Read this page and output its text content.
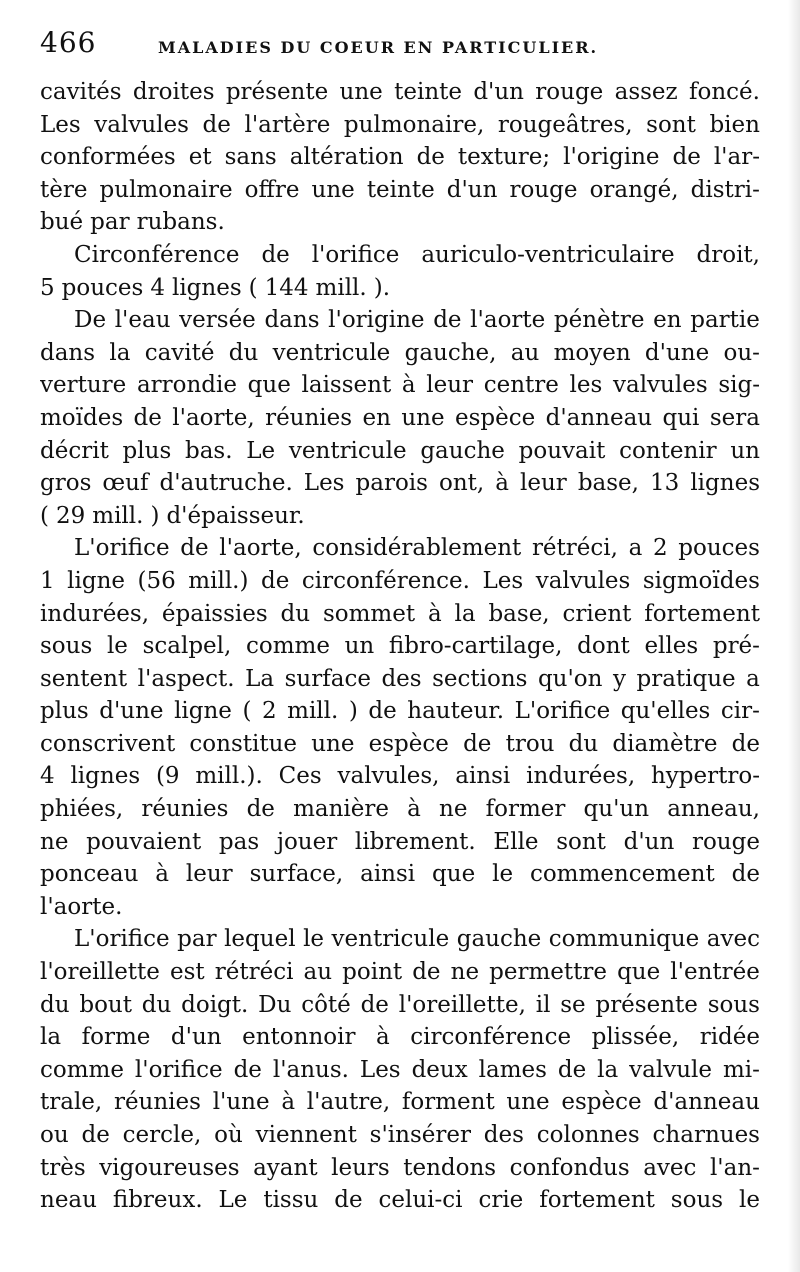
466	MALADIES DU COEUR EN PARTICULIER.
cavités droites présente une teinte d'un rouge assez foncé.
Les valvules de l'artère pulmonaire, rougeâtres, sont bien
conformées et sans altération de texture; l'origine de l'ar-
tère pulmonaire offre une teinte d'un rouge orangé, distri-
bué par rubans.
Circonférence de l'orifice auriculo-ventriculaire droit,
5 pouces 4 lignes ( 144 mill. ).
De l'eau versée dans l'origine de l'aorte pénètre en partie
dans la cavité du ventricule gauche, au moyen d'une ou-
verture arrondie que laissent à leur centre les valvules sig-
moïdes de l'aorte, réunies en une espèce d'anneau qui sera
décrit plus bas. Le ventricule gauche pouvait contenir un
gros œuf d'autruche. Les parois ont, à leur base, 13 lignes
( 29 mill. ) d'épaisseur.
L'orifice de l'aorte, considérablement rétréci, a 2 pouces
1 ligne (56 mill.) de circonférence. Les valvules sigmoïdes
indurées, épaissies du sommet à la base, crient fortement
sous le scalpel, comme un fibro-cartilage, dont elles pré-
sentent l'aspect. La surface des sections qu'on y pratique a
plus d'une ligne ( 2 mill. ) de hauteur. L'orifice qu'elles cir-
conscrivent constitue une espèce de trou du diamètre de
4 lignes (9 mill.). Ces valvules, ainsi indurées, hypertro-
phiées, réunies de manière à ne former qu'un anneau,
ne pouvaient pas jouer librement. Elle sont d'un rouge
ponceau à leur surface, ainsi que le commencement de
l'aorte.
L'orifice par lequel le ventricule gauche communique avec
l'oreillette est rétréci au point de ne permettre que l'entrée
du bout du doigt. Du côté de l'oreillette, il se présente sous
la forme d'un entonnoir à circonférence plissée, ridée
comme l'orifice de l'anus. Les deux lames de la valvule mi-
trale, réunies l'une à l'autre, forment une espèce d'anneau
ou de cercle, où viennent s'insérer des colonnes charnues
très vigoureuses ayant leurs tendons confondus avec l'an-
neau fibreux. Le tissu de celui-ci crie fortement sous le
